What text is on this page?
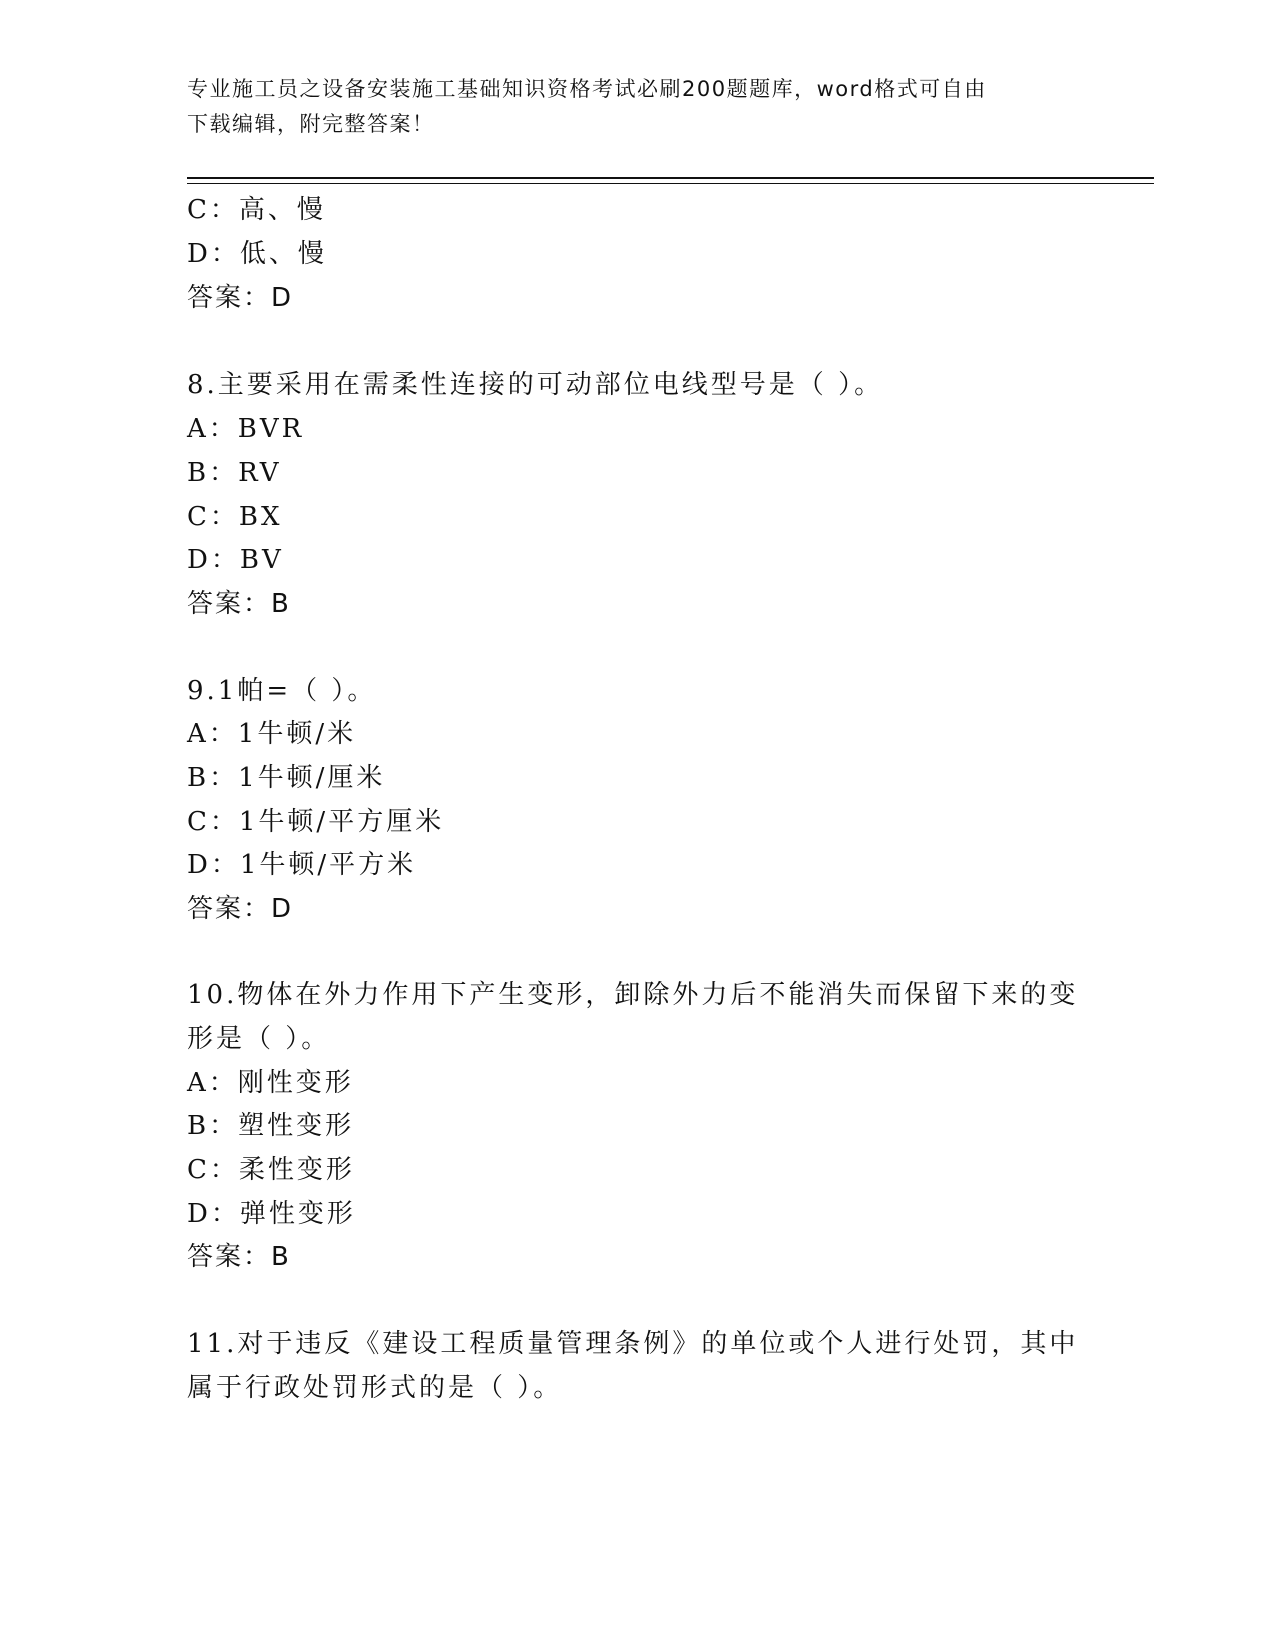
专业施工员之设备安装施工基础知识资格考试必刷200题题库，word格式可自由
下载编辑，附完整答案！
C：高、慢
D：低、慢
答案：D
8.主要采用在需柔性连接的可动部位电线型号是（ ）。
A：BVR
B：RV
C：BX
D：BV
答案：B
9.1帕=（ ）。
A：1牛顿/米
B：1牛顿/厘米
C：1牛顿/平方厘米
D：1牛顿/平方米
答案：D
10.物体在外力作用下产生变形，卸除外力后不能消失而保留下来的变
形是（ ）。
A：刚性变形
B：塑性变形
C：柔性变形
D：弹性变形
答案：B
11.对于违反《建设工程质量管理条例》的单位或个人进行处罚，其中
属于行政处罚形式的是（ ）。
